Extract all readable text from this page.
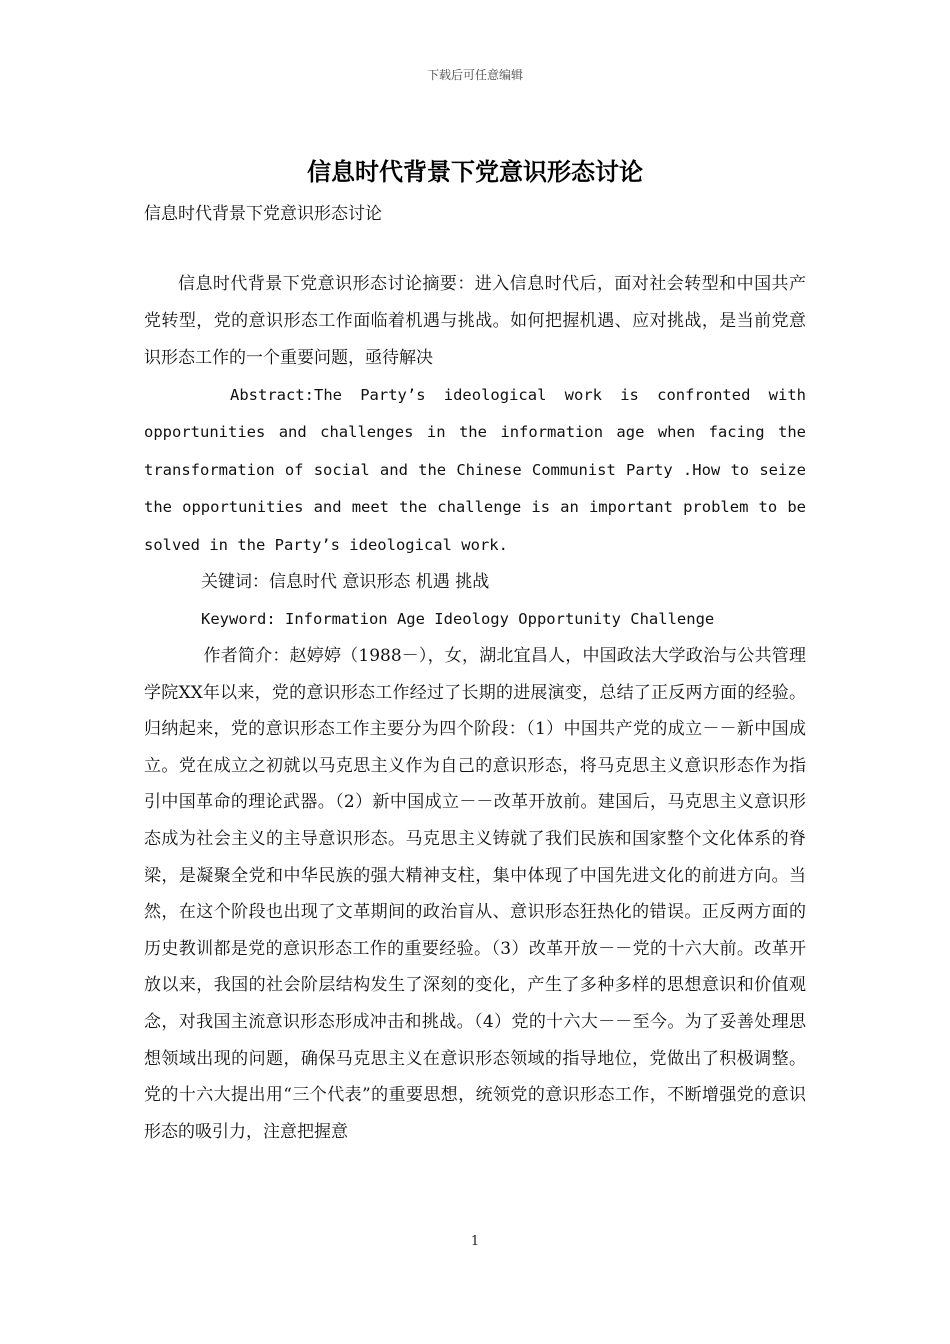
下载后可任意编辑
信息时代背景下党意识形态讨论
信息时代背景下党意识形态讨论

信息时代背景下党意识形态讨论摘要：进入信息时代后，面对社会转型和中国共产党转型，党的意识形态工作面临着机遇与挑战。如何把握机遇、应对挑战，是当前党意识形态工作的一个重要问题，亟待解决

Abstract:The Party’s ideological work is confronted with opportunities and challenges in the information age when facing the transformation of social and the Chinese Communist Party .How to seize the opportunities and meet the challenge is an important problem to be solved in the Party’s ideological work.

关键词：信息时代 意识形态 机遇 挑战

Keyword: Information Age Ideology Opportunity Challenge

作者简介：赵婷婷（1988－），女，湖北宜昌人，中国政法大学政治与公共管理学院XX年以来，党的意识形态工作经过了长期的进展演变，总结了正反两方面的经验。归纳起来，党的意识形态工作主要分为四个阶段：（1）中国共产党的成立－－新中国成立。党在成立之初就以马克思主义作为自己的意识形态，将马克思主义意识形态作为指引中国革命的理论武器。（2）新中国成立－－改革开放前。建国后，马克思主义意识形态成为社会主义的主导意识形态。马克思主义铸就了我们民族和国家整个文化体系的脊梁，是凝聚全党和中华民族的强大精神支柱，集中体现了中国先进文化的前进方向。当然，在这个阶段也出现了文革期间的政治盲从、意识形态狂热化的错误。正反两方面的历史教训都是党的意识形态工作的重要经验。（3）改革开放－－党的十六大前。改革开放以来，我国的社会阶层结构发生了深刻的变化，产生了多种多样的思想意识和价值观念，对我国主流意识形态形成冲击和挑战。（4）党的十六大－－至今。为了妥善处理思想领域出现的问题，确保马克思主义在意识形态领域的指导地位，党做出了积极调整。党的十六大提出用“三个代表”的重要思想，统领党的意识形态工作，不断增强党的意识形态的吸引力，注意把握意

1
